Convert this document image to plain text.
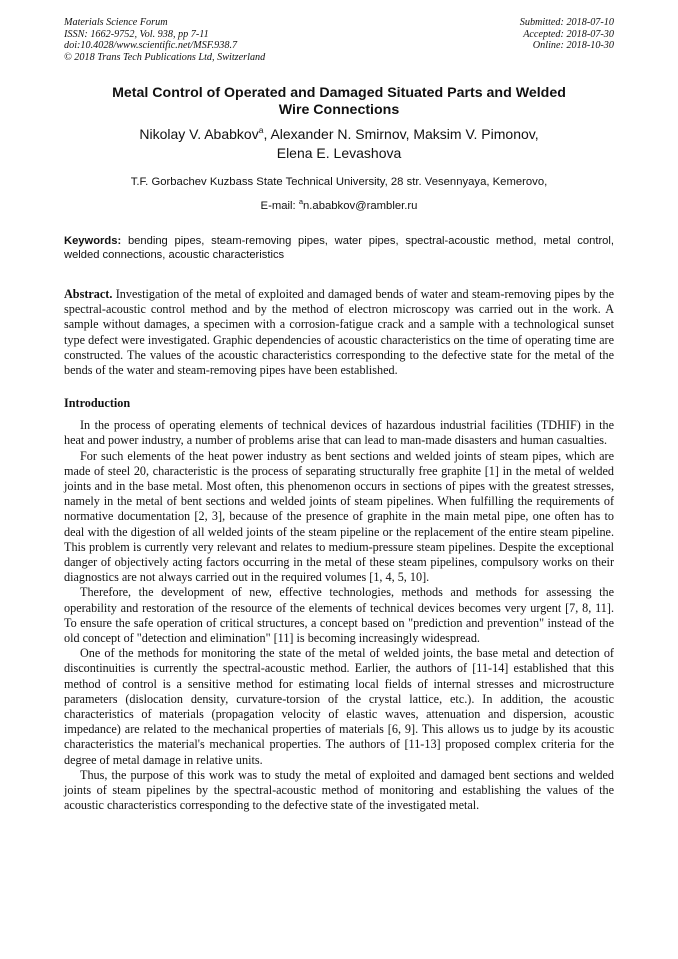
Materials Science Forum
ISSN: 1662-9752, Vol. 938, pp 7-11
doi:10.4028/www.scientific.net/MSF.938.7
© 2018 Trans Tech Publications Ltd, Switzerland
Submitted: 2018-07-10
Accepted: 2018-07-30
Online: 2018-10-30
Metal Control of Operated and Damaged Situated Parts and Welded
Wire Connections
Nikolay V. Ababkov$^a$, Alexander N. Smirnov, Maksim V. Pimonov,
Elena E. Levashova
T.F. Gorbachev Kuzbass State Technical University, 28 str. Vesennyaya, Kemerovo,
E-mail: $^a$n.ababkov@rambler.ru
Keywords: bending pipes, steam-removing pipes, water pipes, spectral-acoustic method, metal control, welded connections, acoustic characteristics
Abstract. Investigation of the metal of exploited and damaged bends of water and steam-removing pipes by the spectral-acoustic control method and by the method of electron microscopy was carried out in the work. A sample without damages, a specimen with a corrosion-fatigue crack and a sample with a technological sunset type defect were investigated. Graphic dependencies of acoustic characteristics on the time of operating time are constructed. The values of the acoustic characteristics corresponding to the defective state for the metal of the bends of the water and steam-removing pipes have been established.
Introduction

In the process of operating elements of technical devices of hazardous industrial facilities (TDHIF) in the heat and power industry, a number of problems arise that can lead to man-made disasters and human casualties.

For such elements of the heat power industry as bent sections and welded joints of steam pipes, which are made of steel 20, characteristic is the process of separating structurally free graphite [1] in the metal of welded joints and in the base metal. Most often, this phenomenon occurs in sections of pipes with the greatest stresses, namely in the metal of bent sections and welded joints of steam pipelines. When fulfilling the requirements of normative documentation [2, 3], because of the presence of graphite in the main metal pipe, one often has to deal with the digestion of all welded joints of the steam pipeline or the replacement of the entire steam pipeline. This problem is currently very relevant and relates to medium-pressure steam pipelines. Despite the exceptional danger of objectively acting factors occurring in the metal of these steam pipelines, compulsory works on their diagnostics are not always carried out in the required volumes [1, 4, 5, 10].

Therefore, the development of new, effective technologies, methods and methods for assessing the operability and restoration of the resource of the elements of technical devices becomes very urgent [7, 8, 11]. To ensure the safe operation of critical structures, a concept based on "prediction and prevention" instead of the old concept of "detection and elimination" [11] is becoming increasingly widespread.

One of the methods for monitoring the state of the metal of welded joints, the base metal and detection of discontinuities is currently the spectral-acoustic method. Earlier, the authors of [11-14] established that this method of control is a sensitive method for estimating local fields of internal stresses and microstructure parameters (dislocation density, curvature-torsion of the crystal lattice, etc.). In addition, the acoustic characteristics of materials (propagation velocity of elastic waves, attenuation and dispersion, acoustic impedance) are related to the mechanical properties of materials [6, 9]. This allows us to judge by its acoustic characteristics the material's mechanical properties. The authors of [11-13] proposed complex criteria for the degree of metal damage in relative units.

Thus, the purpose of this work was to study the metal of exploited and damaged bent sections and welded joints of steam pipelines by the spectral-acoustic method of monitoring and establishing the values of the acoustic characteristics corresponding to the defective state of the investigated metal.
